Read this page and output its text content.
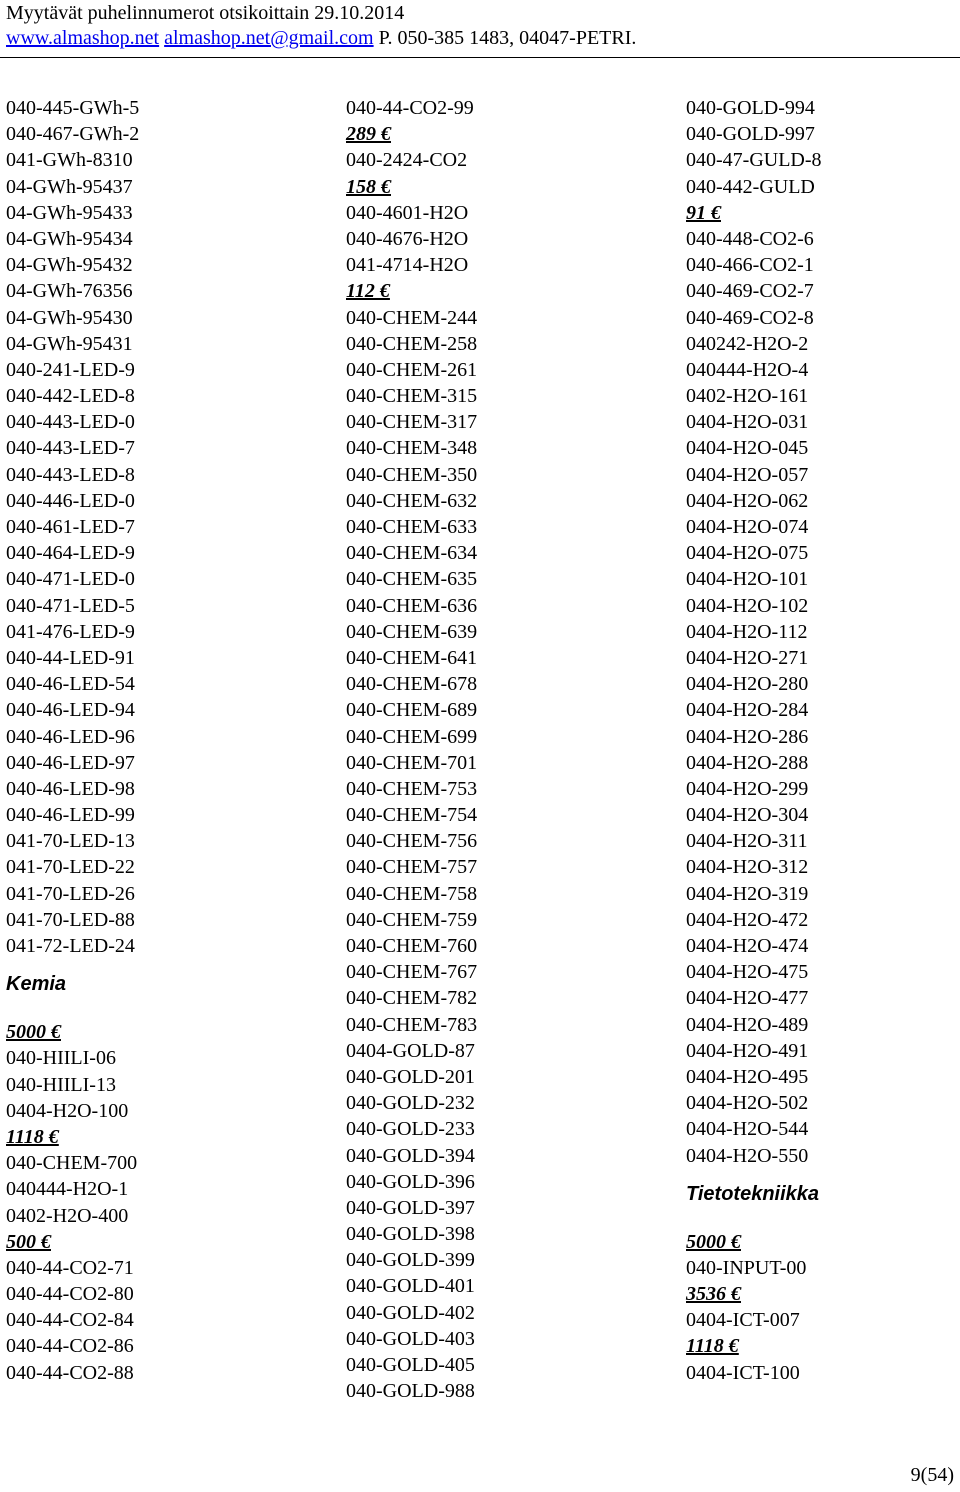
Myytävät puhelinnumerot otsikoittain 29.10.2014
www.almashop.net almashop.net@gmail.com P. 050-385 1483, 04047-PETRI.
040-445-GWh-5
040-467-GWh-2
041-GWh-8310
04-GWh-95437
04-GWh-95433
04-GWh-95434
04-GWh-95432
04-GWh-76356
04-GWh-95430
04-GWh-95431
040-241-LED-9
040-442-LED-8
040-443-LED-0
040-443-LED-7
040-443-LED-8
040-446-LED-0
040-461-LED-7
040-464-LED-9
040-471-LED-0
040-471-LED-5
041-476-LED-9
040-44-LED-91
040-46-LED-54
040-46-LED-94
040-46-LED-96
040-46-LED-97
040-46-LED-98
040-46-LED-99
041-70-LED-13
041-70-LED-22
041-70-LED-26
041-70-LED-88
041-72-LED-24
Kemia
5000 €
040-HIILI-06
040-HIILI-13
0404-H2O-100
1118 €
040-CHEM-700
040444-H2O-1
0402-H2O-400
500 €
040-44-CO2-71
040-44-CO2-80
040-44-CO2-84
040-44-CO2-86
040-44-CO2-88
040-44-CO2-99
289 €
040-2424-CO2
158 €
040-4601-H2O
040-4676-H2O
041-4714-H2O
112 €
040-CHEM-244
040-CHEM-258
040-CHEM-261
040-CHEM-315
040-CHEM-317
040-CHEM-348
040-CHEM-350
040-CHEM-632
040-CHEM-633
040-CHEM-634
040-CHEM-635
040-CHEM-636
040-CHEM-639
040-CHEM-641
040-CHEM-678
040-CHEM-689
040-CHEM-699
040-CHEM-701
040-CHEM-753
040-CHEM-754
040-CHEM-756
040-CHEM-757
040-CHEM-758
040-CHEM-759
040-CHEM-760
040-CHEM-767
040-CHEM-782
040-CHEM-783
0404-GOLD-87
040-GOLD-201
040-GOLD-232
040-GOLD-233
040-GOLD-394
040-GOLD-396
040-GOLD-397
040-GOLD-398
040-GOLD-399
040-GOLD-401
040-GOLD-402
040-GOLD-403
040-GOLD-405
040-GOLD-988
040-GOLD-994
040-GOLD-997
040-47-GULD-8
040-442-GULD
91 €
040-448-CO2-6
040-466-CO2-1
040-469-CO2-7
040-469-CO2-8
040242-H2O-2
040444-H2O-4
0402-H2O-161
0404-H2O-031
0404-H2O-045
0404-H2O-057
0404-H2O-062
0404-H2O-074
0404-H2O-075
0404-H2O-101
0404-H2O-102
0404-H2O-112
0404-H2O-271
0404-H2O-280
0404-H2O-284
0404-H2O-286
0404-H2O-288
0404-H2O-299
0404-H2O-304
0404-H2O-311
0404-H2O-312
0404-H2O-319
0404-H2O-472
0404-H2O-474
0404-H2O-475
0404-H2O-477
0404-H2O-489
0404-H2O-491
0404-H2O-495
0404-H2O-502
0404-H2O-544
0404-H2O-550
Tietotekniikka
5000 €
040-INPUT-00
3536 €
0404-ICT-007
1118 €
0404-ICT-100
9(54)
